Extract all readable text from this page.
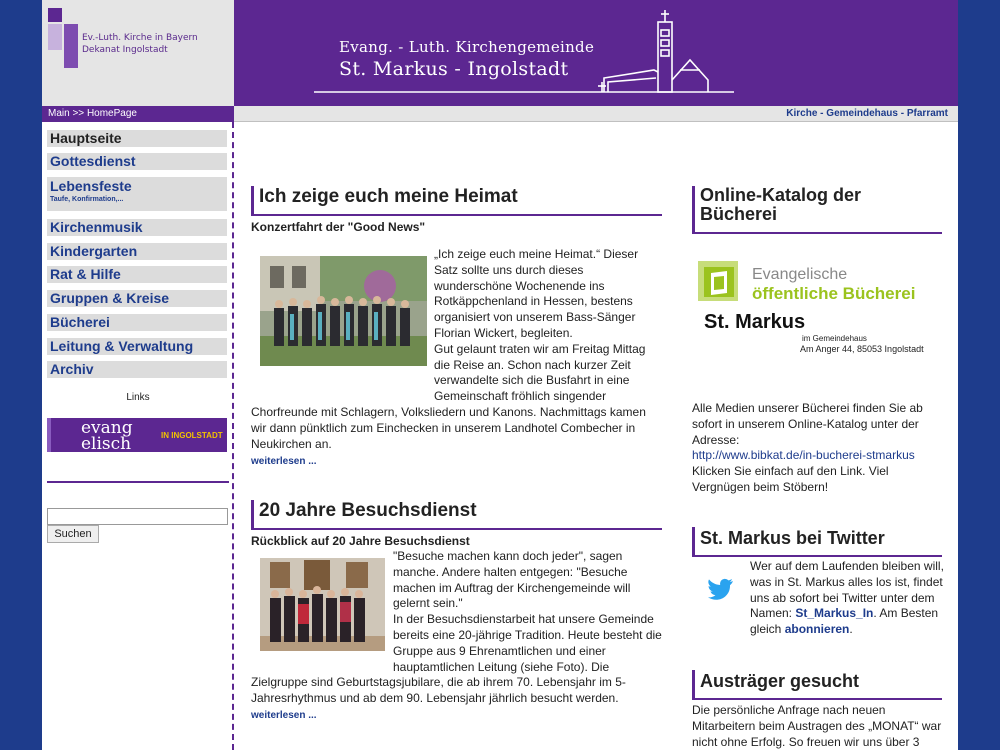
Ev.-Luth. Kirche in Bayern
Dekanat Ingolstadt	Evang. - Luth. Kirchengemeinde
St. Markus - Ingolstadt
Main >> HomePage	Kirche - Gemeindehaus - Pfarramt
Hauptseite
Gottesdienst
Lebensfeste
Taufe, Konfirmation,...
Kirchenmusik
Kindergarten
Rat & Hilfe
Gruppen & Kreise
Bücherei
Leitung & Verwaltung
Archiv
Links
evang
elisch	IN INGOLSTADT
Suchen
Ich zeige euch meine Heimat
Konzertfahrt der "Good News"
„Ich zeige euch meine Heimat.“ Dieser Satz sollte uns durch dieses wunderschöne Wochenende ins Rotkäppchenland in Hessen, bestens organisiert von unserem Bass-Sänger Florian Wickert, begleiten.
Gut gelaunt traten wir am Freitag Mittag die Reise an. Schon nach kurzer Zeit verwandelte sich die Busfahrt in eine Gemeinschaft fröhlich singender
Chorfreunde mit Schlagern, Volksliedern und Kanons. Nachmittags kamen wir dann pünktlich zum Einchecken in unserem Landhotel Combecher in Neukirchen an.
weiterlesen ...
20 Jahre Besuchsdienst
Rückblick auf 20 Jahre Besuchsdienst
"Besuche machen kann doch jeder", sagen manche. Andere halten entgegen: "Besuche machen im Auftrag der Kirchengemeinde will gelernt sein."
In der Besuchsdienstarbeit hat unsere Gemeinde bereits eine 20-jährige Tradition. Heute besteht die Gruppe aus 9 Ehrenamtlichen und einer hauptamtlichen Leitung (siehe Foto). Die
Zielgruppe sind Geburtstagsjubilare, die ab ihrem 70. Lebensjahr im 5-Jahresrhythmus und ab dem 90. Lebensjahr jährlich besucht werden.
weiterlesen ...
Online-Katalog der Bücherei
Evangelische
öffentliche Bücherei
St. Markus
im Gemeindehaus
Am Anger 44, 85053 Ingolstadt
Alle Medien unserer Bücherei finden Sie ab sofort in unserem Online-Katalog unter der Adresse:
http://www.bibkat.de/in-bucherei-stmarkus
Klicken Sie einfach auf den Link. Viel Vergnügen beim Stöbern!
St. Markus bei Twitter
Wer auf dem Laufenden bleiben will, was in St. Markus alles los ist, findet uns ab sofort bei Twitter unter dem Namen: St_Markus_In. Am Besten gleich abonnieren.
Austräger gesucht
Die persönliche Anfrage nach neuen Mitarbeitern beim Austragen des „MONAT“ war nicht ohne Erfolg. So freuen wir uns über 3
